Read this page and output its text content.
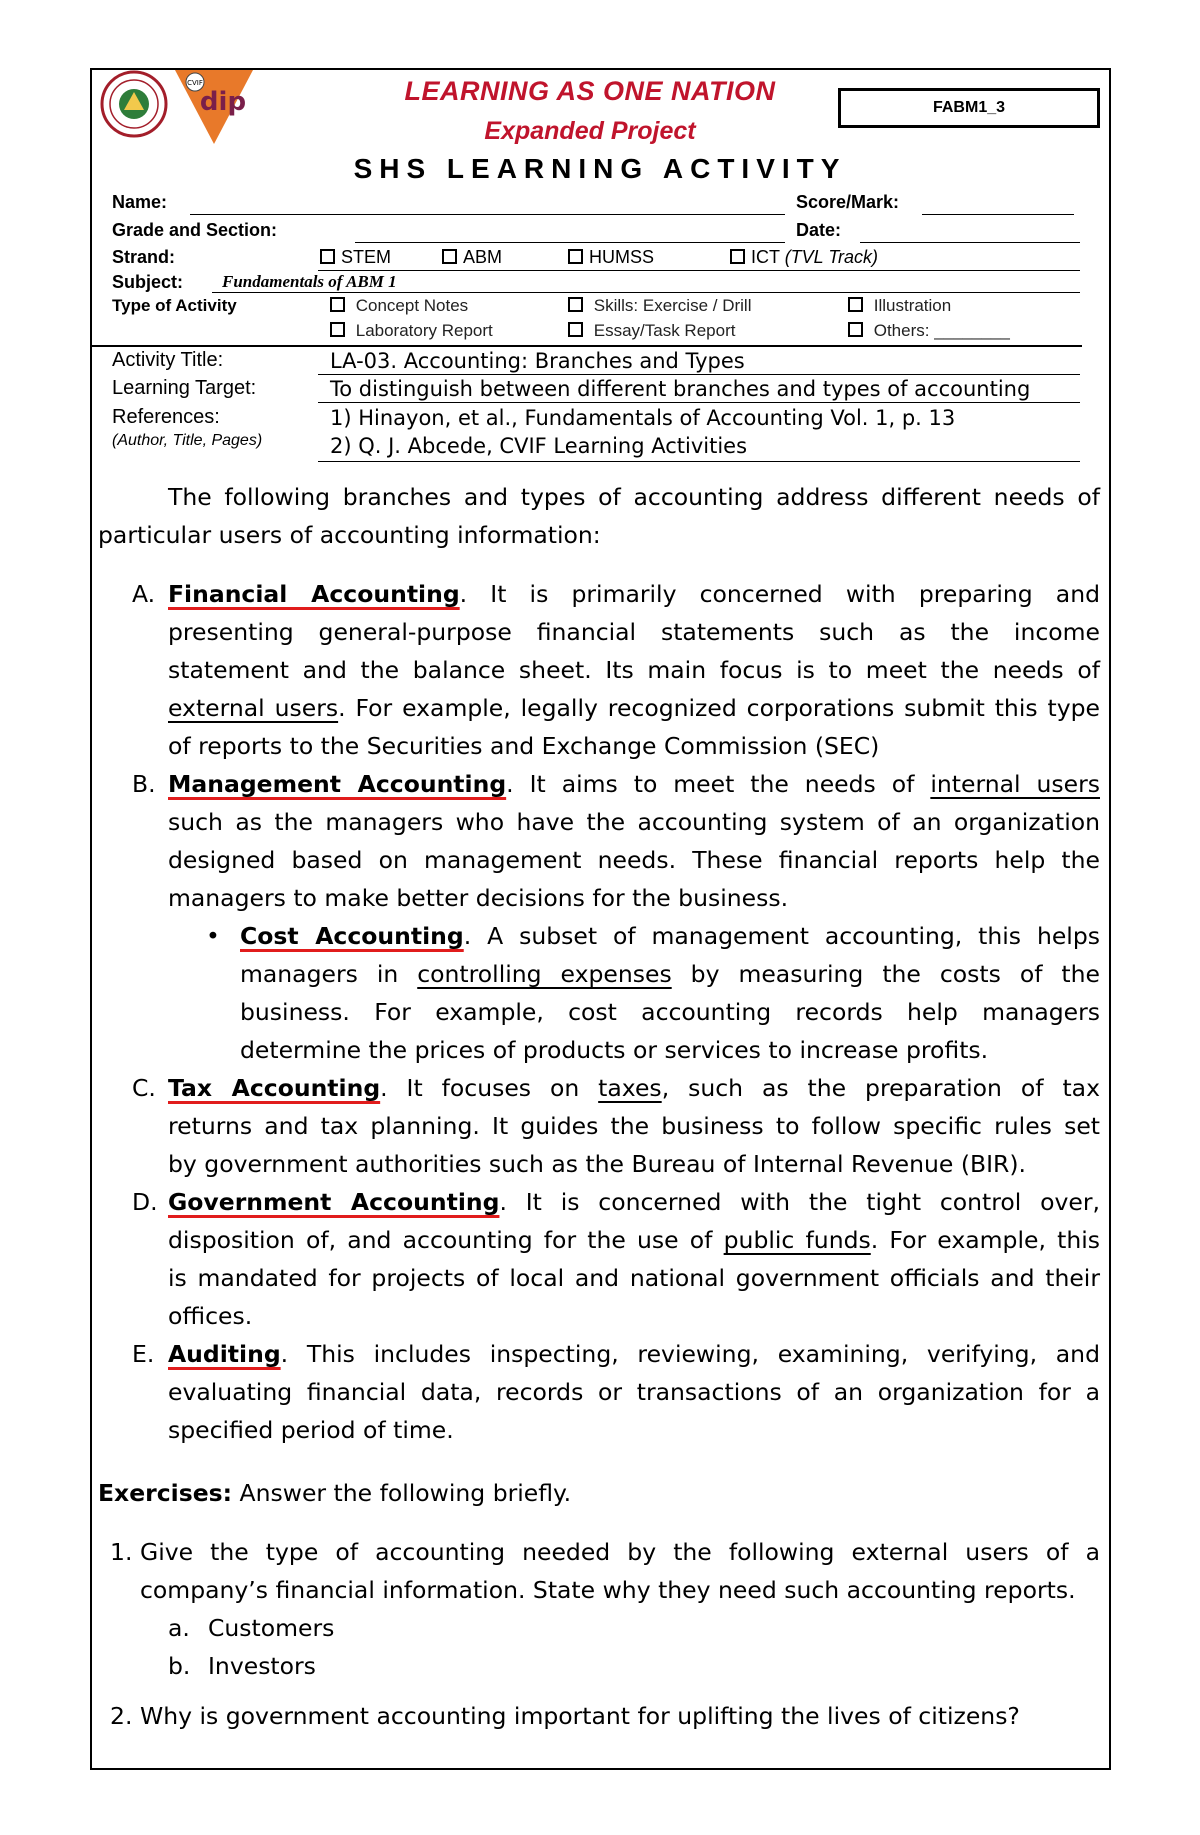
CVIF
dip	LEARNING AS ONE NATION
Expanded Project
SHS LEARNING ACTIVITY
FABM1_3
Name:	Score/Mark:
Grade and Section:	Date:
Strand:	STEM	ABM	HUMSS	ICT (TVL Track)
Subject: Fundamentals of ABM 1
Type of Activity	Concept Notes	Skills: Exercise / Drill	Illustration
Laboratory Report	Essay/Task Report	Others: ________
Activity Title:	LA-03. Accounting: Branches and Types
Learning Target:	To distinguish between different branches and types of accounting
References:
(Author, Title, Pages)
1) Hinayon, et al., Fundamentals of Accounting Vol. 1, p. 13
2) Q. J. Abcede, CVIF Learning Activities
The following branches and types of accounting address different needs of
particular users of accounting information:
A. Financial Accounting. It is primarily concerned with preparing and
presenting general-purpose financial statements such as the income
statement and the balance sheet. Its main focus is to meet the needs of
external users. For example, legally recognized corporations submit this type
of reports to the Securities and Exchange Commission (SEC)
B. Management Accounting. It aims to meet the needs of internal users
such as the managers who have the accounting system of an organization
designed based on management needs. These financial reports help the
managers to make better decisions for the business.
• Cost Accounting. A subset of management accounting, this helps
managers in controlling expenses by measuring the costs of the
business. For example, cost accounting records help managers
determine the prices of products or services to increase profits.
C. Tax Accounting. It focuses on taxes, such as the preparation of tax
returns and tax planning. It guides the business to follow specific rules set
by government authorities such as the Bureau of Internal Revenue (BIR).
D. Government Accounting. It is concerned with the tight control over,
disposition of, and accounting for the use of public funds. For example, this
is mandated for projects of local and national government officials and their
offices.
E. Auditing. This includes inspecting, reviewing, examining, verifying, and
evaluating financial data, records or transactions of an organization for a
specified period of time.
Exercises: Answer the following briefly.
1. Give the type of accounting needed by the following external users of a
company’s financial information. State why they need such accounting reports.
a. Customers
b. Investors
2. Why is government accounting important for uplifting the lives of citizens?
